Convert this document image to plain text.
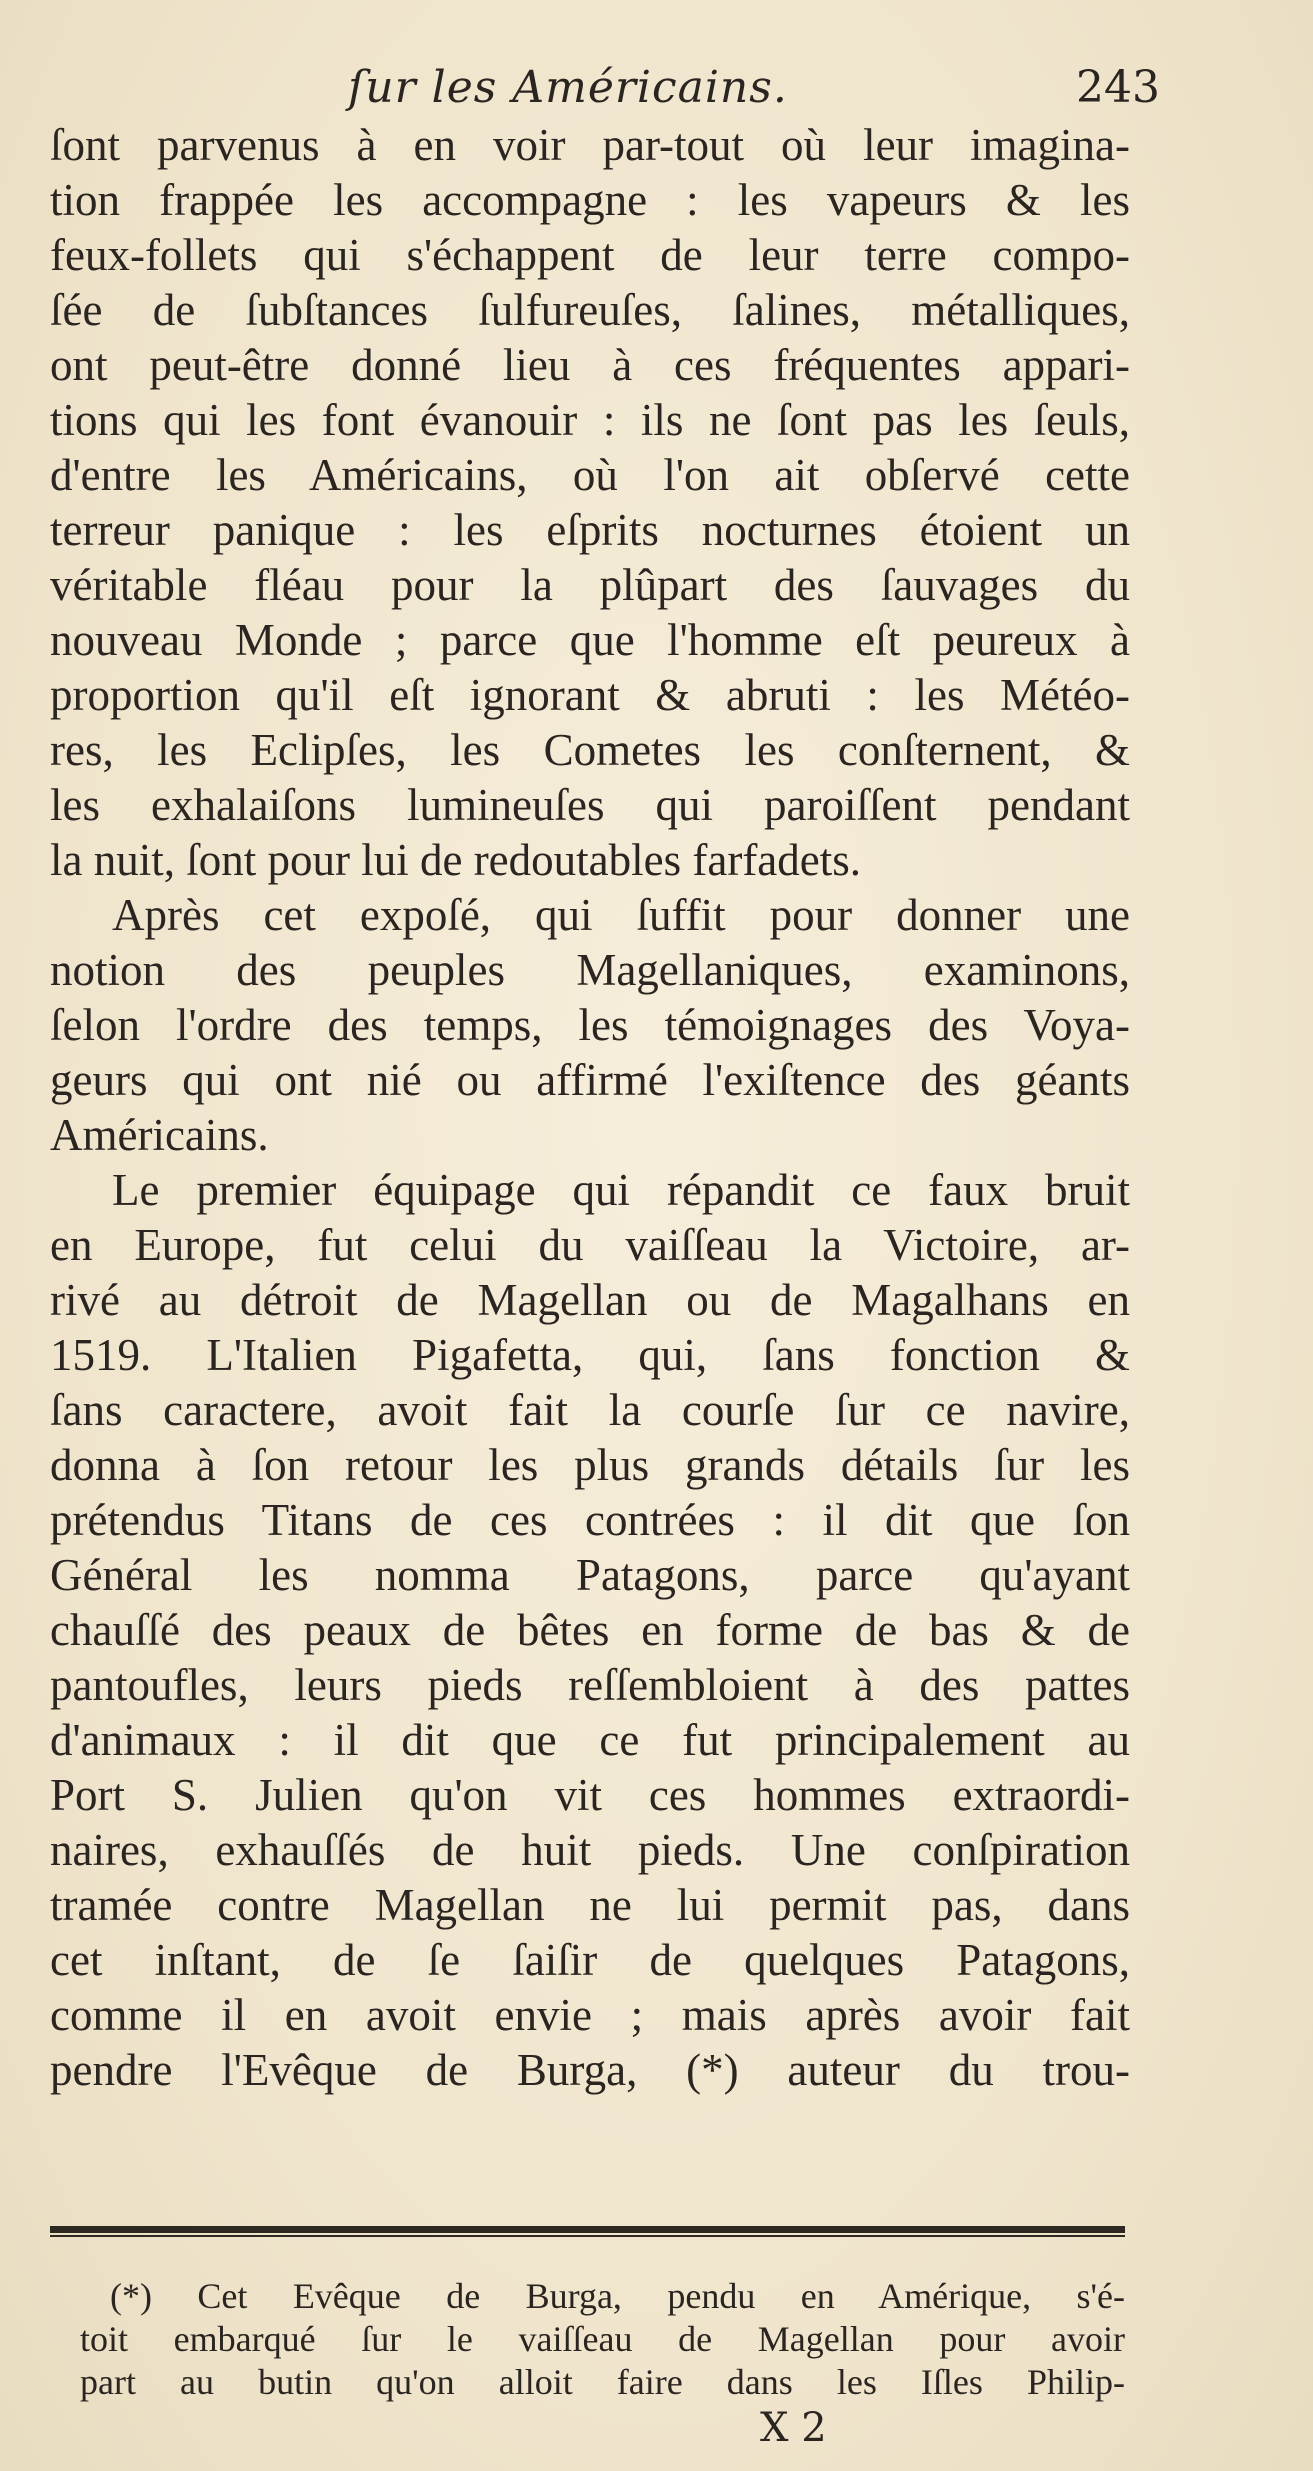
ſur les Américains.	243
ſont parvenus à en voir par-tout où leur imagina-
tion frappée les accompagne : les vapeurs & les
feux-follets qui s'échappent de leur terre compo-
ſée de ſubſtances ſulfureuſes, ſalines, métalliques,
ont peut-être donné lieu à ces fréquentes appari-
tions qui les font évanouir : ils ne ſont pas les ſeuls,
d'entre les Américains, où l'on ait obſervé cette
terreur panique : les eſprits nocturnes étoient un
véritable fléau pour la plûpart des ſauvages du
nouveau Monde ; parce que l'homme eſt peureux à
proportion qu'il eſt ignorant & abruti : les Météo-
res, les Eclipſes, les Cometes les conſternent, &
les exhalaiſons lumineuſes qui paroiſſent pendant
la nuit, ſont pour lui de redoutables farfadets.
Après cet expoſé, qui ſuffit pour donner une
notion des peuples Magellaniques, examinons,
ſelon l'ordre des temps, les témoignages des Voya-
geurs qui ont nié ou affirmé l'exiſtence des géants
Américains.
Le premier équipage qui répandit ce faux bruit
en Europe, fut celui du vaiſſeau la Victoire, ar-
rivé au détroit de Magellan ou de Magalhans en
1519. L'Italien Pigafetta, qui, ſans fonction &
ſans caractere, avoit fait la courſe ſur ce navire,
donna à ſon retour les plus grands détails ſur les
prétendus Titans de ces contrées : il dit que ſon
Général les nomma Patagons, parce qu'ayant
chauſſé des peaux de bêtes en forme de bas & de
pantoufles, leurs pieds reſſembloient à des pattes
d'animaux : il dit que ce fut principalement au
Port S. Julien qu'on vit ces hommes extraordi-
naires, exhauſſés de huit pieds. Une conſpiration
tramée contre Magellan ne lui permit pas, dans
cet inſtant, de ſe ſaiſir de quelques Patagons,
comme il en avoit envie ; mais après avoir fait
pendre l'Evêque de Burga, (*) auteur du trou-
(*) Cet Evêque de Burga, pendu en Amérique, s'é-
toit embarqué ſur le vaiſſeau de Magellan pour avoir
part au butin qu'on alloit faire dans les Iſles Philip-
X 2
